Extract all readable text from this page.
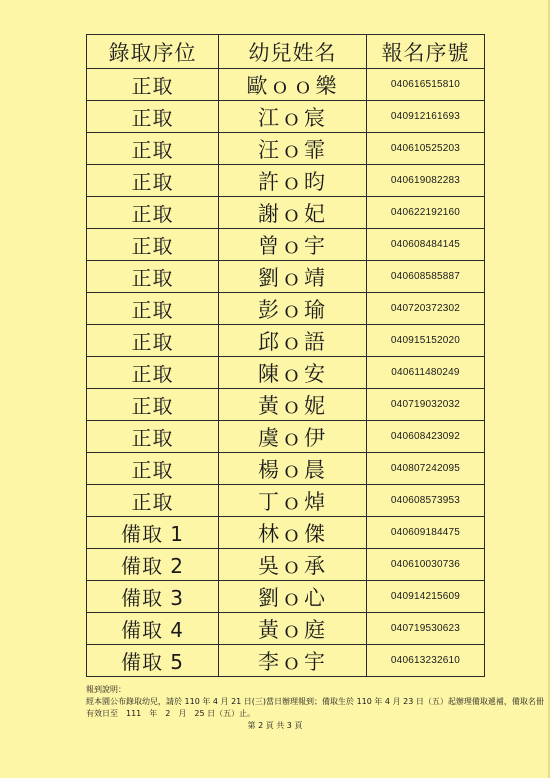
錄取序位	幼兒姓名	報名序號
正取	歐ｏｏ樂	040616515810
正取	江ｏ宸	040912161693
正取	汪ｏ霏	040610525203
正取	許ｏ昀	040619082283
正取	謝ｏ妃	040622192160
正取	曾ｏ宇	040608484145
正取	劉ｏ靖	040608585887
正取	彭ｏ瑜	040720372302
正取	邱ｏ語	040915152020
正取	陳ｏ安	040611480249
正取	黃ｏ妮	040719032032
正取	虞ｏ伊	040608423092
正取	楊ｏ晨	040807242095
正取	丁ｏ焯	040608573953
備取 1	林ｏ傑	040609184475
備取 2	吳ｏ承	040610030736
備取 3	劉ｏ心	040914215609
備取 4	黃ｏ庭	040719530623
備取 5	李ｏ宇	040613232610
報到說明：
經本園公布錄取幼兒，請於 110 年 4 月 21 日(三)當日辦理報到；備取生於 110 年 4 月 23 日（五）起辦理備取遞補，備取名冊
有效日至　111　年　2　月　25 日（五）止。
第 2 頁 共 3 頁
